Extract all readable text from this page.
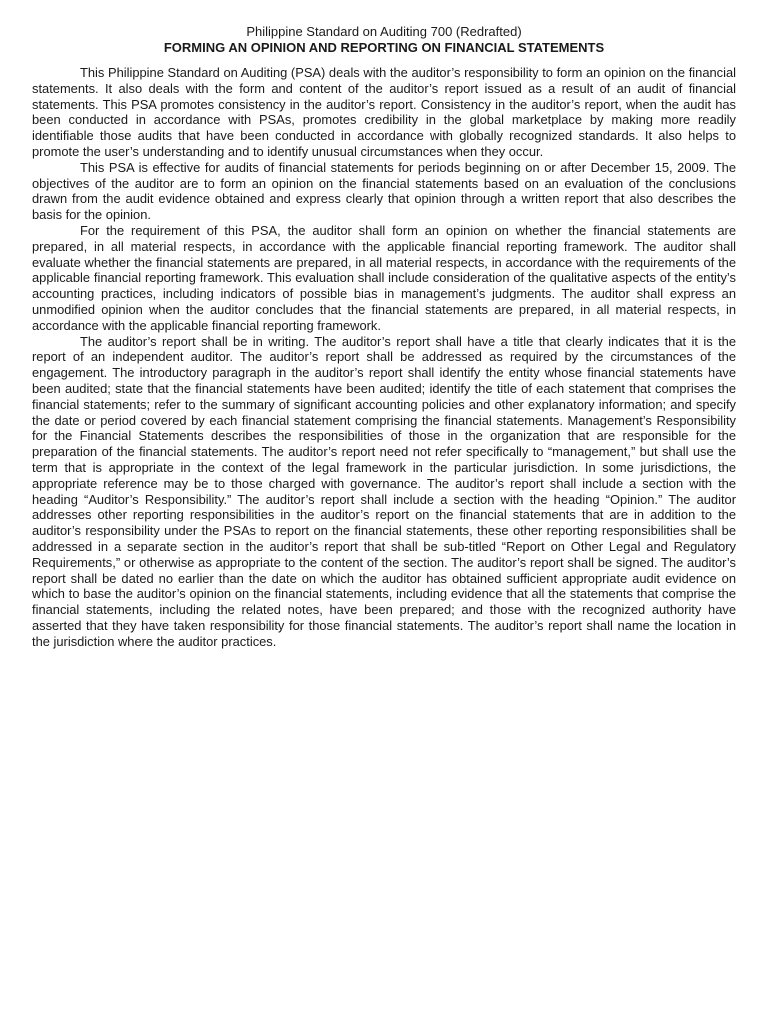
Philippine Standard on Auditing 700 (Redrafted)

FORMING AN OPINION AND REPORTING ON FINANCIAL STATEMENTS

This Philippine Standard on Auditing (PSA) deals with the auditor’s responsibility to form an opinion on the financial statements. It also deals with the form and content of the auditor’s report issued as a result of an audit of financial statements. This PSA promotes consistency in the auditor’s report. Consistency in the auditor’s report, when the audit has been conducted in accordance with PSAs, promotes credibility in the global marketplace by making more readily identifiable those audits that have been conducted in accordance with globally recognized standards. It also helps to promote the user’s understanding and to identify unusual circumstances when they occur.

This PSA is effective for audits of financial statements for periods beginning on or after December 15, 2009. The objectives of the auditor are to form an opinion on the financial statements based on an evaluation of the conclusions drawn from the audit evidence obtained and express clearly that opinion through a written report that also describes the basis for the opinion.

For the requirement of this PSA, the auditor shall form an opinion on whether the financial statements are prepared, in all material respects, in accordance with the applicable financial reporting framework. The auditor shall evaluate whether the financial statements are prepared, in all material respects, in accordance with the requirements of the applicable financial reporting framework. This evaluation shall include consideration of the qualitative aspects of the entity’s accounting practices, including indicators of possible bias in management’s judgments. The auditor shall express an unmodified opinion when the auditor concludes that the financial statements are prepared, in all material respects, in accordance with the applicable financial reporting framework.

The auditor’s report shall be in writing. The auditor’s report shall have a title that clearly indicates that it is the report of an independent auditor. The auditor’s report shall be addressed as required by the circumstances of the engagement. The introductory paragraph in the auditor’s report shall identify the entity whose financial statements have been audited; state that the financial statements have been audited; identify the title of each statement that comprises the financial statements; refer to the summary of significant accounting policies and other explanatory information; and specify the date or period covered by each financial statement comprising the financial statements. Management’s Responsibility for the Financial Statements describes the responsibilities of those in the organization that are responsible for the preparation of the financial statements. The auditor’s report need not refer specifically to “management,” but shall use the term that is appropriate in the context of the legal framework in the particular jurisdiction. In some jurisdictions, the appropriate reference may be to those charged with governance. The auditor’s report shall include a section with the heading “Auditor’s Responsibility.” The auditor’s report shall include a section with the heading “Opinion.” The auditor addresses other reporting responsibilities in the auditor’s report on the financial statements that are in addition to the auditor’s responsibility under the PSAs to report on the financial statements, these other reporting responsibilities shall be addressed in a separate section in the auditor’s report that shall be sub-titled “Report on Other Legal and Regulatory Requirements,” or otherwise as appropriate to the content of the section. The auditor’s report shall be signed. The auditor’s report shall be dated no earlier than the date on which the auditor has obtained sufficient appropriate audit evidence on which to base the auditor’s opinion on the financial statements, including evidence that all the statements that comprise the financial statements, including the related notes, have been prepared; and those with the recognized authority have asserted that they have taken responsibility for those financial statements. The auditor’s report shall name the location in the jurisdiction where the auditor practices.
